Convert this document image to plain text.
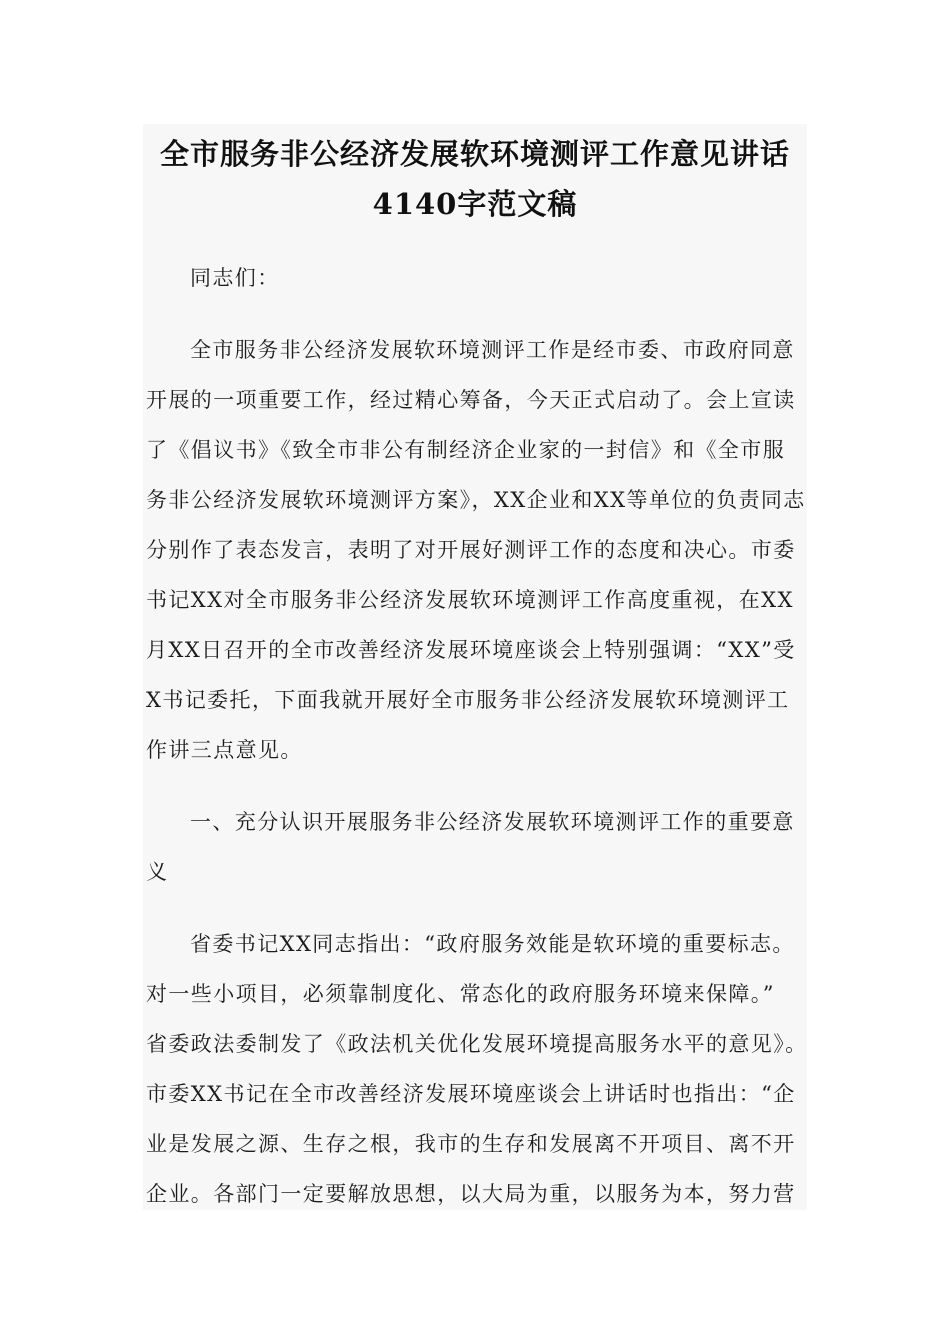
全市服务非公经济发展软环境测评工作意见讲话
4140字范文稿
同志们：
全市服务非公经济发展软环境测评工作是经市委、市政府同意
开展的一项重要工作，经过精心筹备，今天正式启动了。会上宣读
了《倡议书》《致全市非公有制经济企业家的一封信》和《全市服
务非公经济发展软环境测评方案》，XX企业和XX等单位的负责同志
分别作了表态发言，表明了对开展好测评工作的态度和决心。市委
书记XX对全市服务非公经济发展软环境测评工作高度重视，在XX
月XX日召开的全市改善经济发展环境座谈会上特别强调：“XX”受
X书记委托，下面我就开展好全市服务非公经济发展软环境测评工
作讲三点意见。
一、充分认识开展服务非公经济发展软环境测评工作的重要意
义
省委书记XX同志指出：“政府服务效能是软环境的重要标志。
对一些小项目，必须靠制度化、常态化的政府服务环境来保障。”
省委政法委制发了《政法机关优化发展环境提高服务水平的意见》。
市委XX书记在全市改善经济发展环境座谈会上讲话时也指出：“企
业是发展之源、生存之根，我市的生存和发展离不开项目、离不开
企业。各部门一定要解放思想，以大局为重，以服务为本，努力营
